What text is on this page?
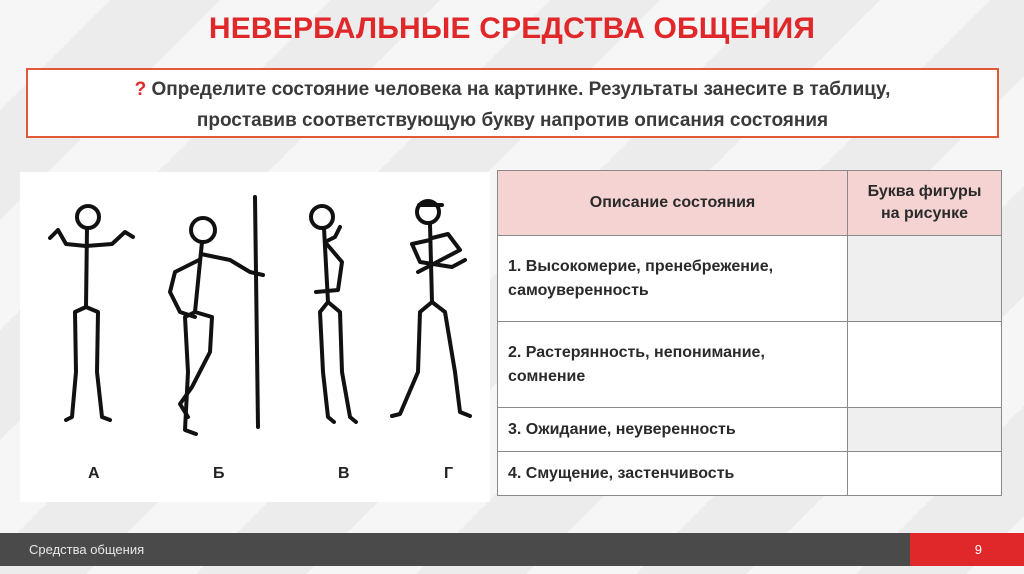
НЕВЕРБАЛЬНЫЕ СРЕДСТВА ОБЩЕНИЯ
? Определите состояние человека на картинке. Результаты занесите в таблицу,
проставив соответствующую букву напротив описания состояния
А	Б	В	Г
Описание состояния	Буква фигуры
на рисунке
1. Высокомерие, пренебрежение,
самоуверенность	
2. Растерянность, непонимание,
сомнение	
3. Ожидание, неуверенность	
4. Смущение, застенчивость	
Средства общения	9
